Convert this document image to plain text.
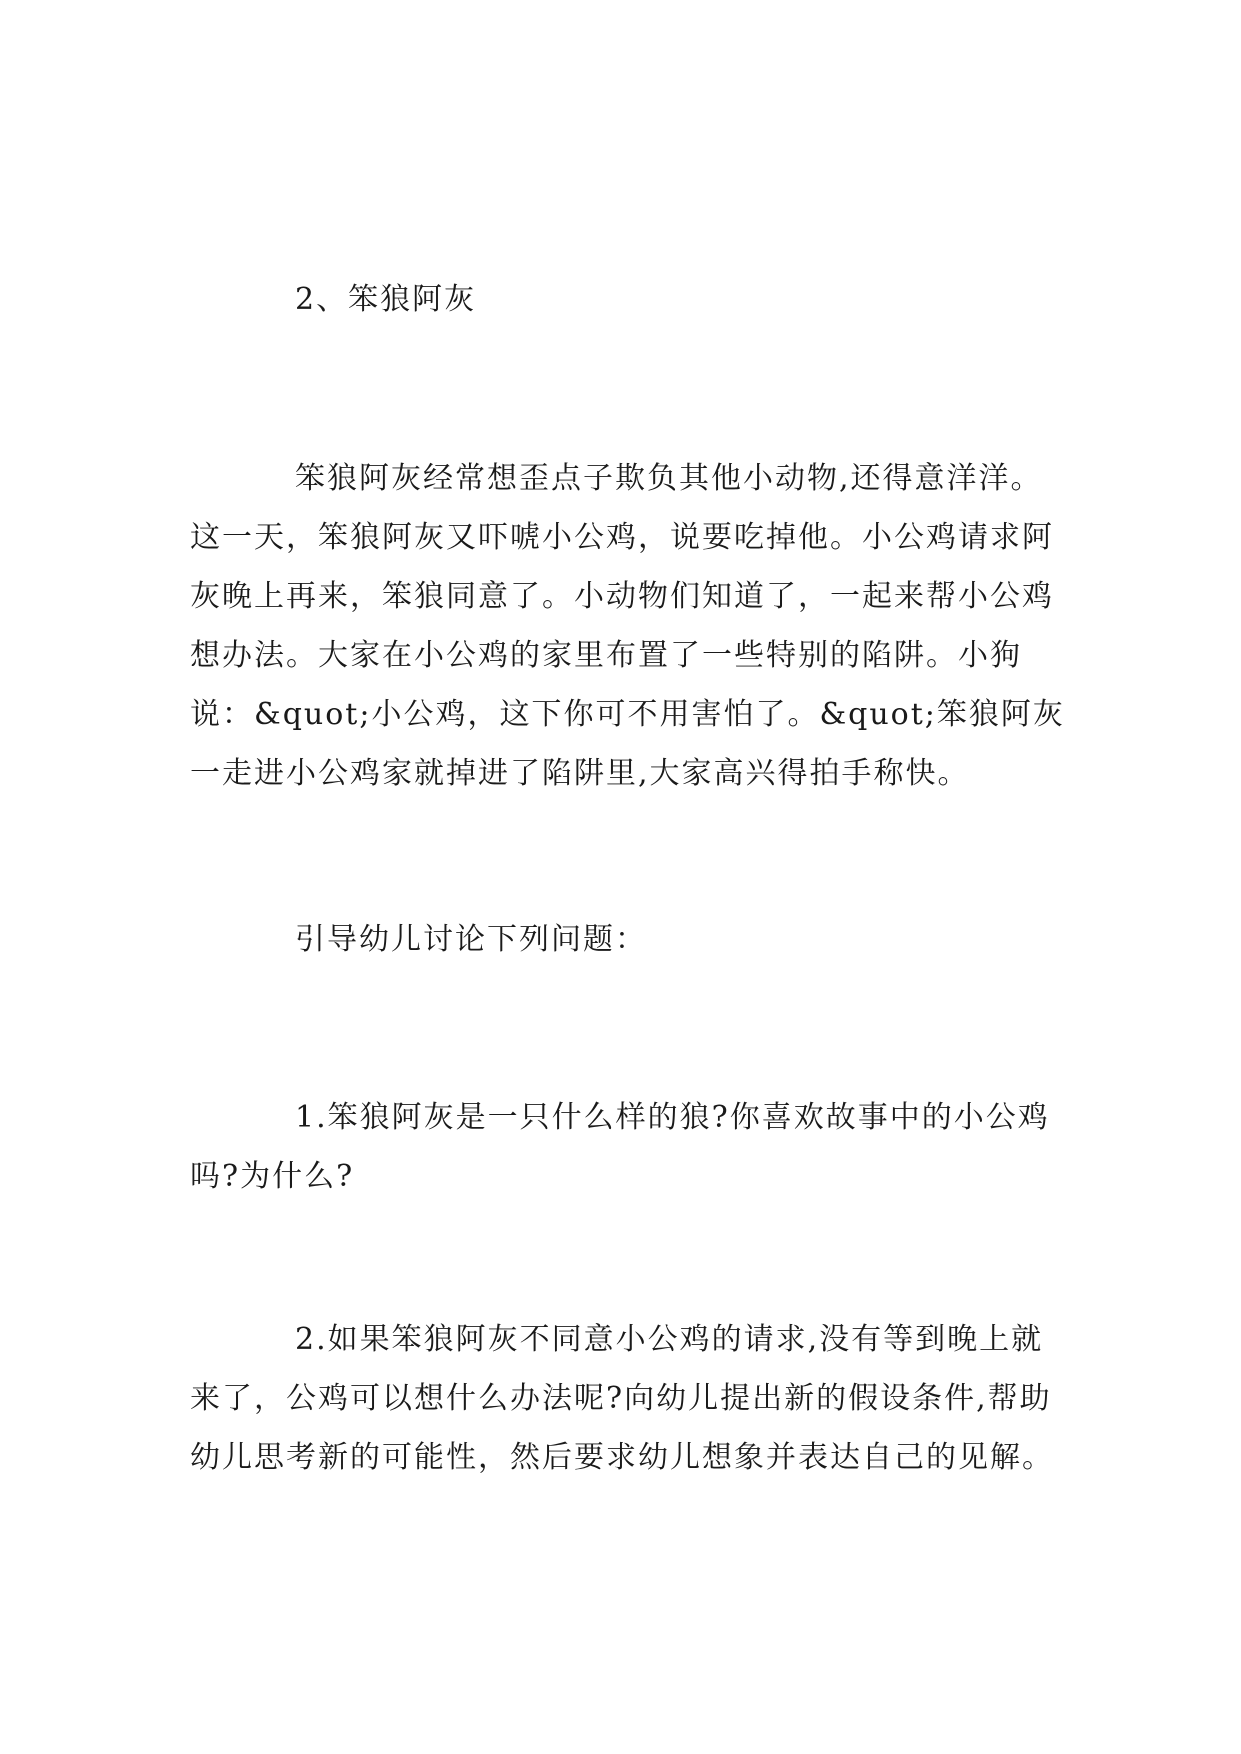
2、笨狼阿灰

笨狼阿灰经常想歪点子欺负其他小动物,还得意洋洋。这一天，笨狼阿灰又吓唬小公鸡，说要吃掉他。小公鸡请求阿灰晚上再来，笨狼同意了。小动物们知道了，一起来帮小公鸡想办法。大家在小公鸡的家里布置了一些特别的陷阱。小狗说：&quot;小公鸡，这下你可不用害怕了。&quot;笨狼阿灰一走进小公鸡家就掉进了陷阱里,大家高兴得拍手称快。

引导幼儿讨论下列问题：

1.笨狼阿灰是一只什么样的狼?你喜欢故事中的小公鸡吗?为什么?

2.如果笨狼阿灰不同意小公鸡的请求,没有等到晚上就来了，公鸡可以想什么办法呢?向幼儿提出新的假设条件,帮助幼儿思考新的可能性，然后要求幼儿想象并表达自己的见解。
